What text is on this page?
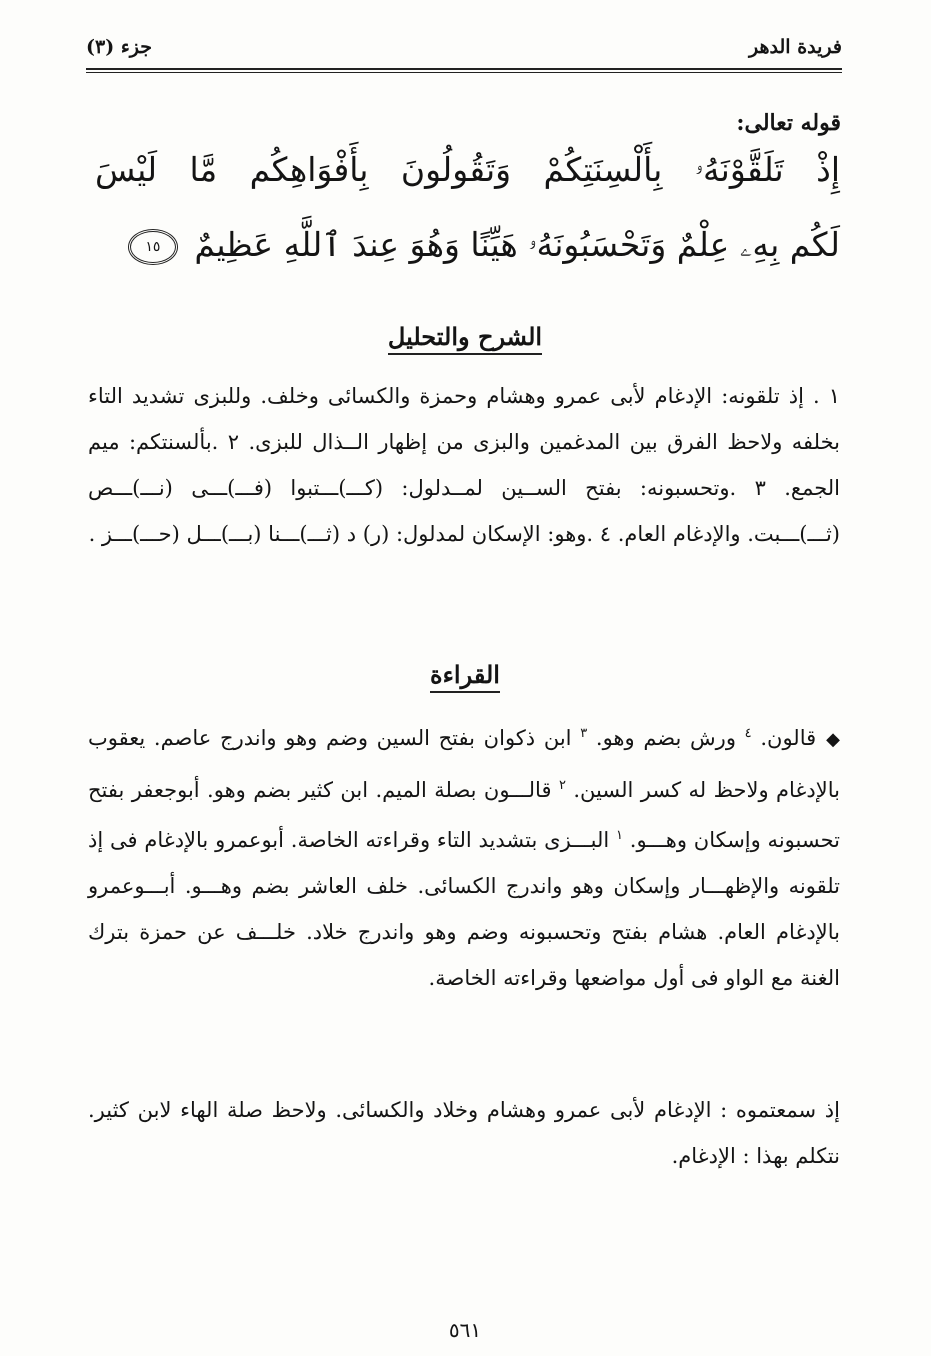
فريدة الدهر
جزء (٣)
قوله تعالى:
إِذْ تَلَقَّوْنَهُۥ بِأَلْسِنَتِكُمْ وَتَقُولُونَ بِأَفْوَاهِكُم مَّا لَيْسَ
لَكُم بِهِۦ عِلْمٌ وَتَحْسَبُونَهُۥ هَيِّنًا وَهُوَ عِندَ ٱللَّهِ عَظِيمٌ ١٥
الشرح والتحليل
١ . إذ تلقونه: الإدغام لأبى عمرو وهشام وحمزة والكسائى وخلف. وللبزى تشديد التاء بخلفه ولاحظ الفرق بين المدغمين والبزى من إظهار الــذال للبزى. ٢ .بألسنتكم: ميم الجمع. ٣ .وتحسبونه: بفتح الســين لمــدلول: (كـــ)ـــتبوا (فـــ)ـــى (نـــ)ـــص (ثـــ)ـــبت. والإدغام العام. ٤ .وهو: الإسكان لمدلول: (ر) د (ثـــ)ـــنا (بـــ)ـــل (حـــ)ـــز .
القراءة
◆قالون. $^٤$ ورش بضم وهو. $^٣$ ابن ذكوان بفتح السين وضم وهو واندرج عاصم. يعقوب بالإدغام ولاحظ له كسر السين. $^٢$ قالـــون بصلة الميم. ابن كثير بضم وهو. أبوجعفر بفتح تحسبونه وإسكان وهـــو. $^١$ البـــزى بتشديد التاء وقراءته الخاصة. أبوعمرو بالإدغام فى إذ تلقونه والإظهـــار وإسكان وهو واندرج الكسائى. خلف العاشر بضم وهـــو. أبـــوعمرو بالإدغام العام. هشام بفتح وتحسبونه وضم وهو واندرج خلاد. خلـــف عن حمزة بترك الغنة مع الواو فى أول مواضعها وقراءته الخاصة.
إذ سمعتموه : الإدغام لأبى عمرو وهشام وخلاد والكسائى. ولاحظ صلة الهاء لابن كثير. نتكلم بهذا : الإدغام.
٥٦١
